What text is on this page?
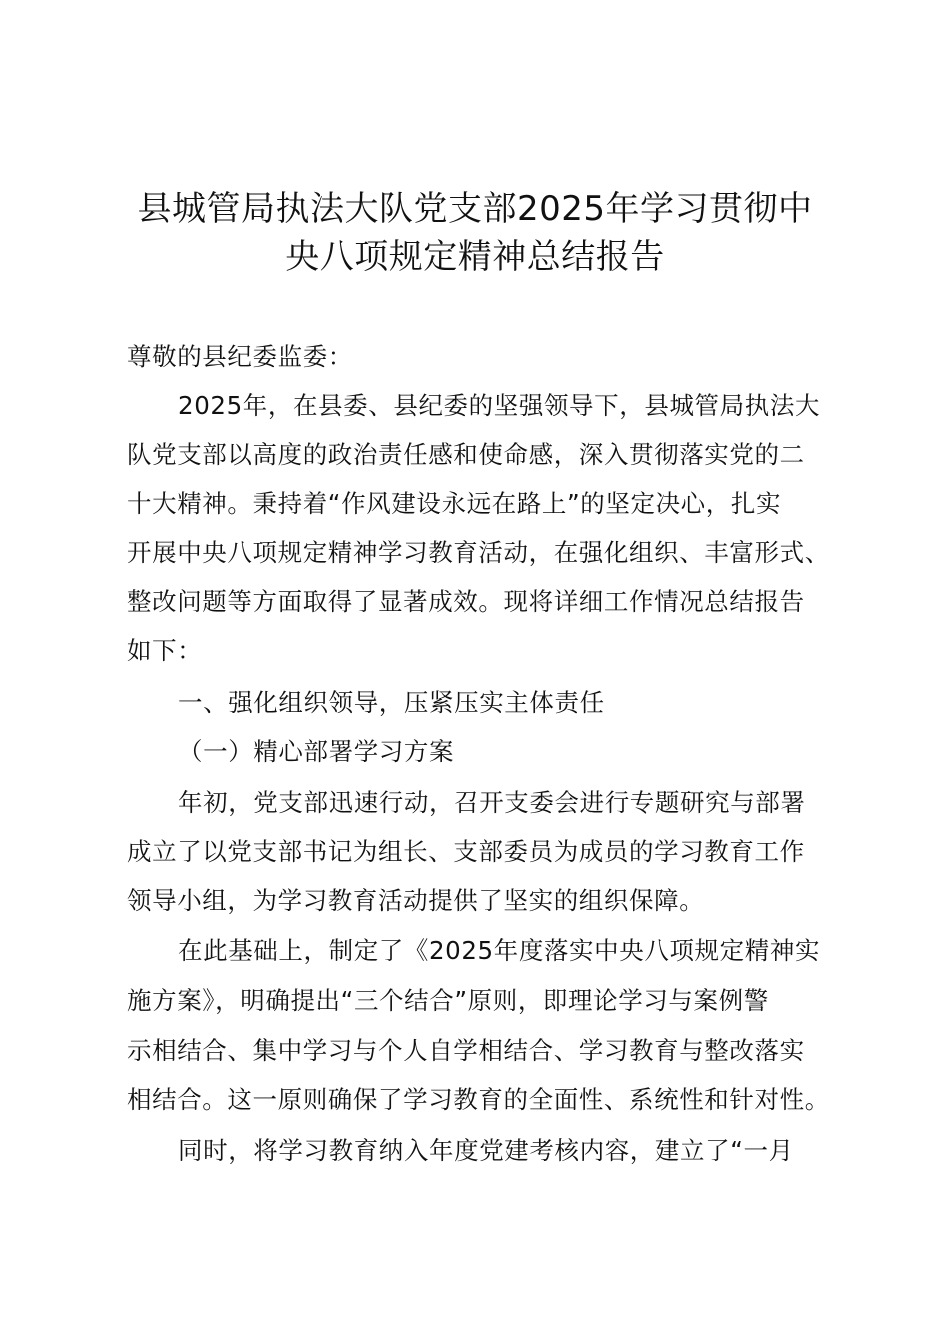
县城管局执法大队党支部2025年学习贯彻中
央八项规定精神总结报告
尊敬的县纪委监委：
2025年，在县委、县纪委的坚强领导下，县城管局执法大
队党支部以高度的政治责任感和使命感，深入贯彻落实党的二
十大精神。秉持着“作风建设永远在路上”的坚定决心，扎实
开展中央八项规定精神学习教育活动，在强化组织、丰富形式、
整改问题等方面取得了显著成效。现将详细工作情况总结报告
如下：
一、强化组织领导，压紧压实主体责任
（一）精心部署学习方案
年初，党支部迅速行动，召开支委会进行专题研究与部署
成立了以党支部书记为组长、支部委员为成员的学习教育工作
领导小组，为学习教育活动提供了坚实的组织保障。
在此基础上，制定了《2025年度落实中央八项规定精神实
施方案》，明确提出“三个结合”原则，即理论学习与案例警
示相结合、集中学习与个人自学相结合、学习教育与整改落实
相结合。这一原则确保了学习教育的全面性、系统性和针对性。
同时，将学习教育纳入年度党建考核内容，建立了“一月
